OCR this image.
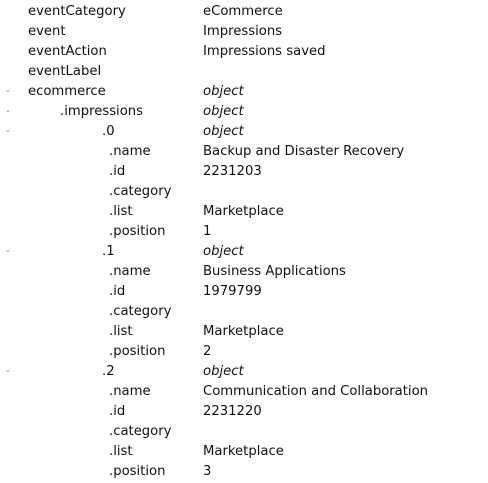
eventCategory	eCommerce
event	Impressions
eventAction	Impressions saved
eventLabel
-	ecommerce	object
-	.impressions	object
-	.0	object
.name	Backup and Disaster Recovery
.id	2231203
.category
.list	Marketplace
.position	1
-	.1	object
.name	Business Applications
.id	1979799
.category
.list	Marketplace
.position	2
-	.2	object
.name	Communication and Collaboration
.id	2231220
.category
.list	Marketplace
.position	3
